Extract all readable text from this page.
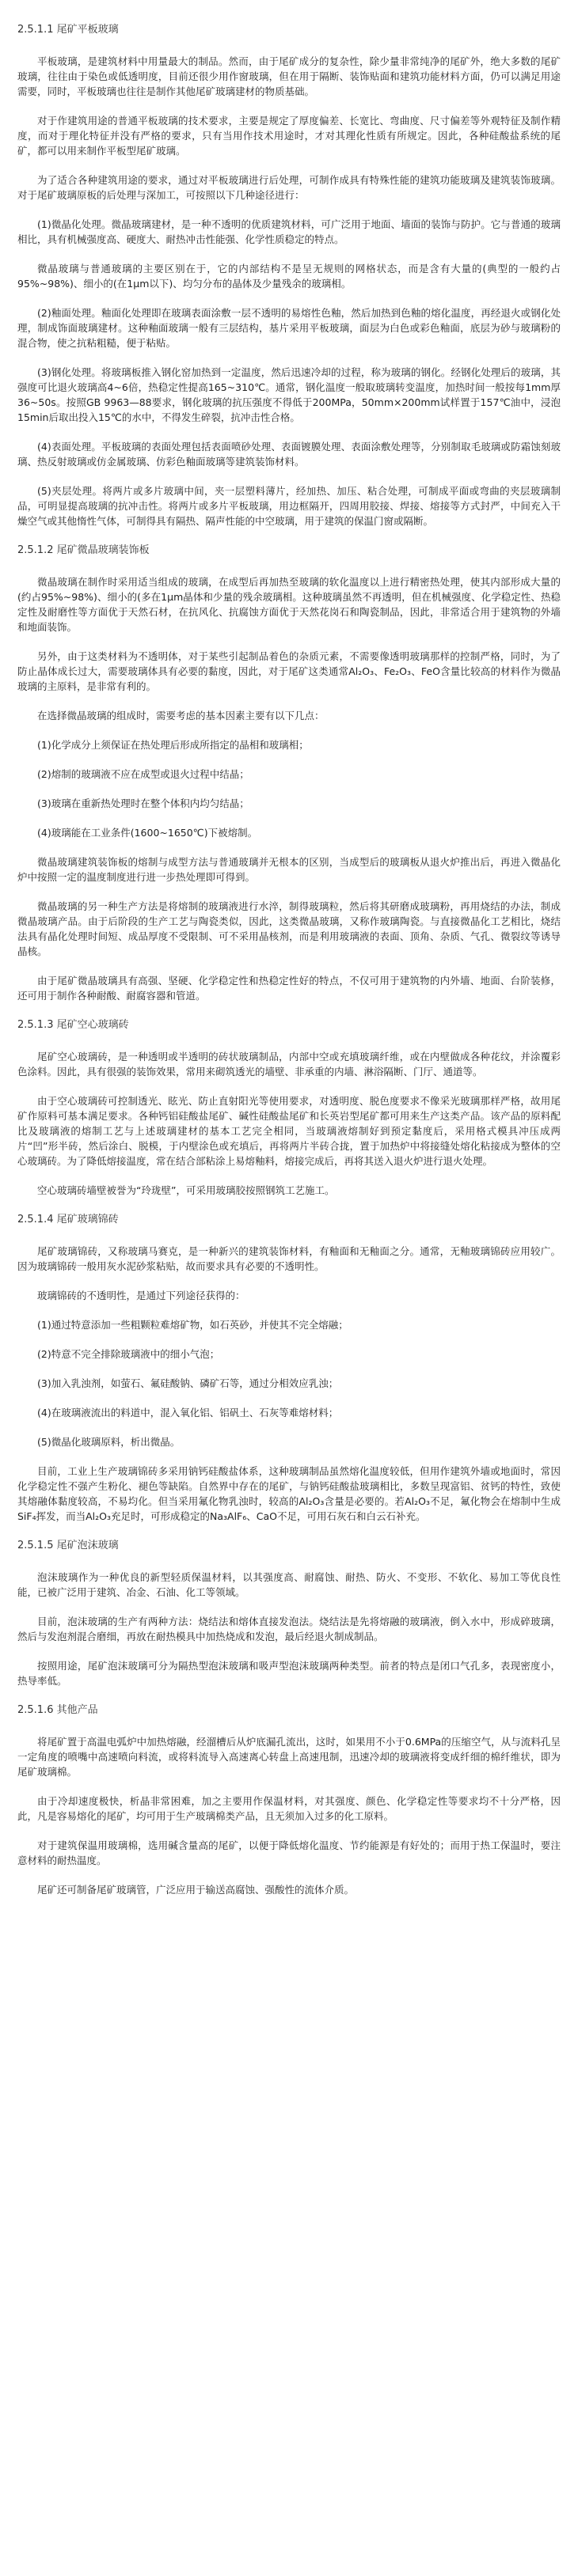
2.5.1.1 尾矿平板玻璃

平板玻璃，是建筑材料中用量最大的制品。然而，由于尾矿成分的复杂性，除少量非常纯净的尾矿外，绝大多数的尾矿玻璃，往往由于染色或低透明度，目前还很少用作窗玻璃，但在用于隔断、装饰贴面和建筑功能材料方面，仍可以满足用途需要，同时，平板玻璃也往往是制作其他尾矿玻璃建材的物质基础。

对于作建筑用途的普通平板玻璃的技术要求，主要是规定了厚度偏差、长宽比、弯曲度、尺寸偏差等外观特征及制作精度，而对于理化特征并没有严格的要求，只有当用作技术用途时，才对其理化性质有所规定。因此，各种硅酸盐系统的尾矿，都可以用来制作平板型尾矿玻璃。

为了适合各种建筑用途的要求，通过对平板玻璃进行后处理，可制作成具有特殊性能的建筑功能玻璃及建筑装饰玻璃。对于尾矿玻璃原板的后处理与深加工，可按照以下几种途径进行：

(1)微晶化处理。微晶玻璃建材，是一种不透明的优质建筑材料，可广泛用于地面、墙面的装饰与防护。它与普通的玻璃相比，具有机械强度高、硬度大、耐热冲击性能强、化学性质稳定的特点。

微晶玻璃与普通玻璃的主要区别在于，它的内部结构不是呈无规则的网格状态，而是含有大量的(典型的一般约占95%~98%)、细小的(在1μm以下)、均匀分布的晶体及少量残余的玻璃相。

(2)釉面处理。釉面化处理即在玻璃表面涂敷一层不透明的易熔性色釉，然后加热到色釉的熔化温度，再经退火或钢化处理，制成饰面玻璃建材。这种釉面玻璃一般有三层结构，基片采用平板玻璃，面层为白色或彩色釉面，底层为砂与玻璃粉的混合物，使之抗粘粗糙，便于粘贴。

(3)钢化处理。将玻璃板推入钢化窑加热到一定温度，然后迅速冷却的过程，称为玻璃的钢化。经钢化处理后的玻璃，其强度可比退火玻璃高4~6倍，热稳定性提高165~310℃。通常，钢化温度一般取玻璃转变温度，加热时间一般按每1mm厚36~50s。按照GB 9963—88要求，钢化玻璃的抗压强度不得低于200MPa，50mm×200mm试样置于157℃油中，浸泡15min后取出投入15℃的水中，不得发生碎裂，抗冲击性合格。

(4)表面处理。平板玻璃的表面处理包括表面喷砂处理、表面镀膜处理、表面涂敷处理等，分别制取毛玻璃或防霜蚀刻玻璃、热反射玻璃或仿金属玻璃、仿彩色釉面玻璃等建筑装饰材料。

(5)夹层处理。将两片或多片玻璃中间，夹一层塑料薄片，经加热、加压、粘合处理，可制成平面或弯曲的夹层玻璃制品，可明显提高玻璃的抗冲击性。将两片或多片平板玻璃，用边框隔开，四周用胶接、焊接、熔接等方式封严，中间充入干燥空气或其他惰性气体，可制得具有隔热、隔声性能的中空玻璃，用于建筑的保温门窗或隔断。

2.5.1.2 尾矿微晶玻璃装饰板

微晶玻璃在制作时采用适当组成的玻璃，在成型后再加热至玻璃的软化温度以上进行精密热处理，使其内部形成大量的(约占95%~98%)、细小的(多在1μm晶体和少量的残余玻璃相。这种玻璃虽然不再透明，但在机械强度、化学稳定性、热稳定性及耐磨性等方面优于天然石材，在抗风化、抗腐蚀方面优于天然花岗石和陶瓷制品，因此，非常适合用于建筑物的外墙和地面装饰。

另外，由于这类材料为不透明体，对于某些引起制品着色的杂质元素，不需要像透明玻璃那样的控制严格，同时，为了防止晶体成长过大，需要玻璃体具有必要的黏度，因此，对于尾矿这类通常Al₂O₃、Fe₂O₃、FeO含量比较高的材料作为微晶玻璃的主原料，是非常有利的。

在选择微晶玻璃的组成时，需要考虑的基本因素主要有以下几点：

(1)化学成分上须保证在热处理后形成所指定的晶相和玻璃相；

(2)熔制的玻璃液不应在成型或退火过程中结晶；

(3)玻璃在重新热处理时在整个体积内均匀结晶；

(4)玻璃能在工业条件(1600~1650℃)下被熔制。

微晶玻璃建筑装饰板的熔制与成型方法与普通玻璃并无根本的区别，当成型后的玻璃板从退火炉推出后，再进入微晶化炉中按照一定的温度制度进行进一步热处理即可得到。

微晶玻璃的另一种生产方法是将熔制的玻璃液进行水淬，制得玻璃粒，然后将其研磨成玻璃粉，再用烧结的办法，制成微晶玻璃产品。由于后阶段的生产工艺与陶瓷类似，因此，这类微晶玻璃，又称作玻璃陶瓷。与直接微晶化工艺相比，烧结法具有晶化处理时间短、成品厚度不受限制、可不采用晶核剂，而是利用玻璃液的表面、顶角、杂质、气孔、微裂纹等诱导晶核。

由于尾矿微晶玻璃具有高强、坚硬、化学稳定性和热稳定性好的特点，不仅可用于建筑物的内外墙、地面、台阶装修，还可用于制作各种耐酸、耐腐容器和管道。

2.5.1.3 尾矿空心玻璃砖

尾矿空心玻璃砖，是一种透明或半透明的砖状玻璃制品，内部中空或充填玻璃纤维，或在内壁做成各种花纹，并涂覆彩色涂料。因此，具有很强的装饰效果，常用来砌筑透光的墙壁、非承重的内墙、淋浴隔断、门厅、通道等。

由于空心玻璃砖可控制透光、眩光、防止直射阳光等使用要求，对透明度、脱色度要求不像采光玻璃那样严格，故用尾矿作原料可基本满足要求。各种钙铝硅酸盐尾矿、碱性硅酸盐尾矿和长英岩型尾矿都可用来生产这类产品。该产品的原料配比及玻璃液的熔制工艺与上述玻璃建材的基本工艺完全相同，当玻璃液熔制好到预定黏度后，采用格式模具冲压成两片“凹”形半砖，然后涂白、脱模，于内壁涂色或充填后，再将两片半砖合拢，置于加热炉中将接缝处熔化粘接成为整体的空心玻璃砖。为了降低熔接温度，常在结合部粘涂上易熔釉料，熔接完成后，再将其送入退火炉进行退火处理。

空心玻璃砖墙壁被誉为“玲珑壁”，可采用玻璃胶按照钢筑工艺施工。

2.5.1.4 尾矿玻璃锦砖

尾矿玻璃锦砖，又称玻璃马赛克，是一种新兴的建筑装饰材料，有釉面和无釉面之分。通常，无釉玻璃锦砖应用较广。因为玻璃锦砖一般用灰水泥砂浆粘贴，故而要求具有必要的不透明性。

玻璃锦砖的不透明性，是通过下列途径获得的：

(1)通过特意添加一些粗颗粒难熔矿物，如石英砂，并使其不完全熔融；

(2)特意不完全排除玻璃液中的细小气泡；

(3)加入乳浊剂，如萤石、氟硅酸钠、磷矿石等，通过分相效应乳浊；

(4)在玻璃液流出的料道中，混入氧化铝、铝矾土、石灰等难熔材料；

(5)微晶化玻璃原料，析出微晶。

目前，工业上生产玻璃锦砖多采用钠钙硅酸盐体系，这种玻璃制品虽然熔化温度较低，但用作建筑外墙或地面时，常因化学稳定性不强产生粉化、褪色等缺陷。自然界中存在的尾矿，与钠钙硅酸盐玻璃相比，多数呈现富铝、贫钙的特性，致使其熔融体黏度较高，不易均化。但当采用氟化物乳浊时，较高的Al₂O₃含量是必要的。若Al₂O₃不足，氟化物会在熔制中生成SiF₄挥发，而当Al₂O₃充足时，可形成稳定的Na₃AlF₆、CaO不足，可用石灰石和白云石补充。

2.5.1.5 尾矿泡沫玻璃

泡沫玻璃作为一种优良的新型轻质保温材料，以其强度高、耐腐蚀、耐热、防火、不变形、不软化、易加工等优良性能，已被广泛用于建筑、冶金、石油、化工等领域。

目前，泡沫玻璃的生产有两种方法：烧结法和熔体直接发泡法。烧结法是先将熔融的玻璃液，倒入水中，形成碎玻璃，然后与发泡剂混合磨细，再放在耐热模具中加热烧成和发泡，最后经退火制成制品。

按照用途，尾矿泡沫玻璃可分为隔热型泡沫玻璃和吸声型泡沫玻璃两种类型。前者的特点是闭口气孔多，表现密度小，热导率低。

2.5.1.6 其他产品

将尾矿置于高温电弧炉中加热熔融，经溜槽后从炉底漏孔流出，这时，如果用不小于0.6MPa的压缩空气，从与流料孔呈一定角度的喷嘴中高速喷向料流，或将料流导入高速离心转盘上高速甩制，迅速冷却的玻璃液将变成纤细的棉纤维状，即为尾矿玻璃棉。

由于冷却速度极快，析晶非常困难，加之主要用作保温材料，对其强度、颜色、化学稳定性等要求均不十分严格，因此，凡是容易熔化的尾矿，均可用于生产玻璃棉类产品，且无须加入过多的化工原料。

对于建筑保温用玻璃棉，选用碱含量高的尾矿，以便于降低熔化温度、节约能源是有好处的；而用于热工保温时，要注意材料的耐热温度。

尾矿还可制备尾矿玻璃管，广泛应用于输送高腐蚀、强酸性的流体介质。
